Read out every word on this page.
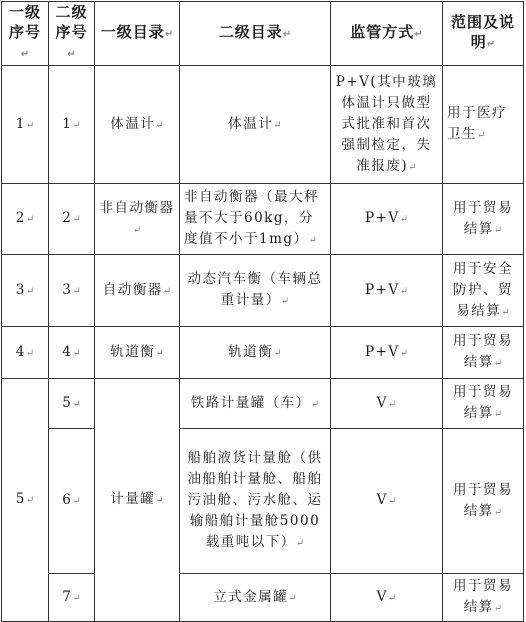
一级序号↵	二级序号↵	一级目录↵	二级目录↵	监管方式↵	范围及说明↵
1↵	1↵	体温计↵	体温计↵	P+V(其中玻璃体温计只做型式批准和首次强制检定，失准报废)↵	用于医疗卫生↵
2↵	2↵	非自动衡器↵	非自动衡器（最大秤量不大于60kg，分度值不小于1mg）↵	P+V↵	用于贸易结算↵
3↵	3↵	自动衡器↵	动态汽车衡（车辆总重计量）↵	P+V↵	用于安全防护、贸易结算↵
4↵	4↵	轨道衡↵	轨道衡↵	P+V↵	用于贸易结算↵
5↵	5↵	计量罐↵	铁路计量罐（车）↵	V↵	用于贸易结算↵
	6↵		船舶液货计量舱（供油船舶计量舱、船舶污油舱、污水舱、运输船舶计量舱5000载重吨以下）↵	V↵	用于贸易结算↵
	7↵		立式金属罐↵	V↵	用于贸易结算↵
